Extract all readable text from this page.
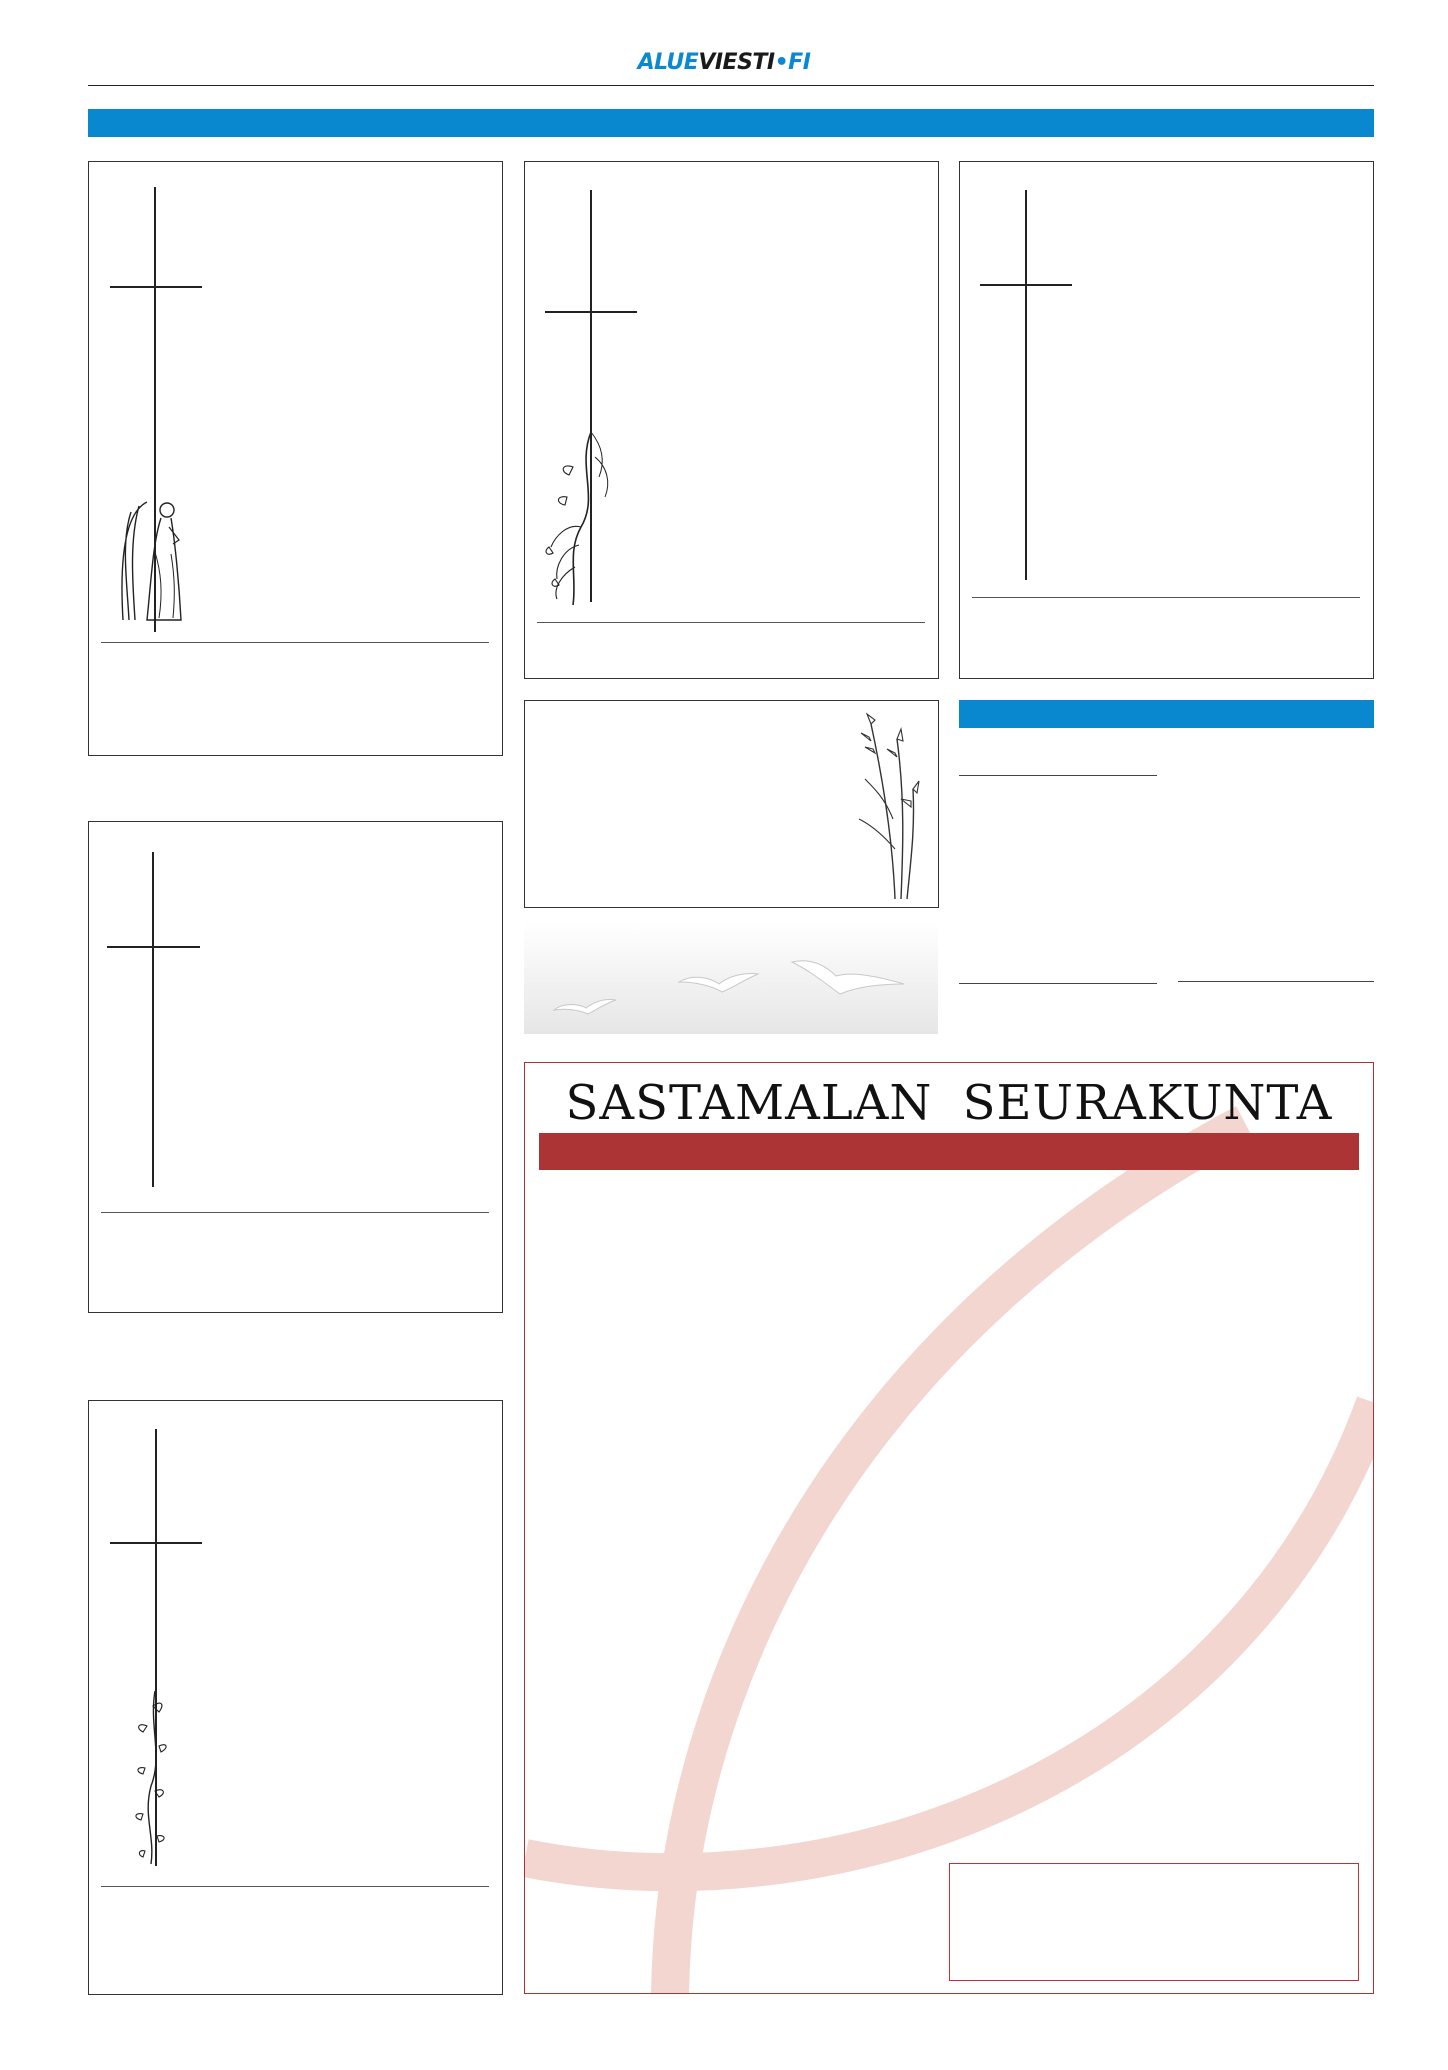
ALUEVIESTI•FI
SASTAMALAN SEURAKUNTA
